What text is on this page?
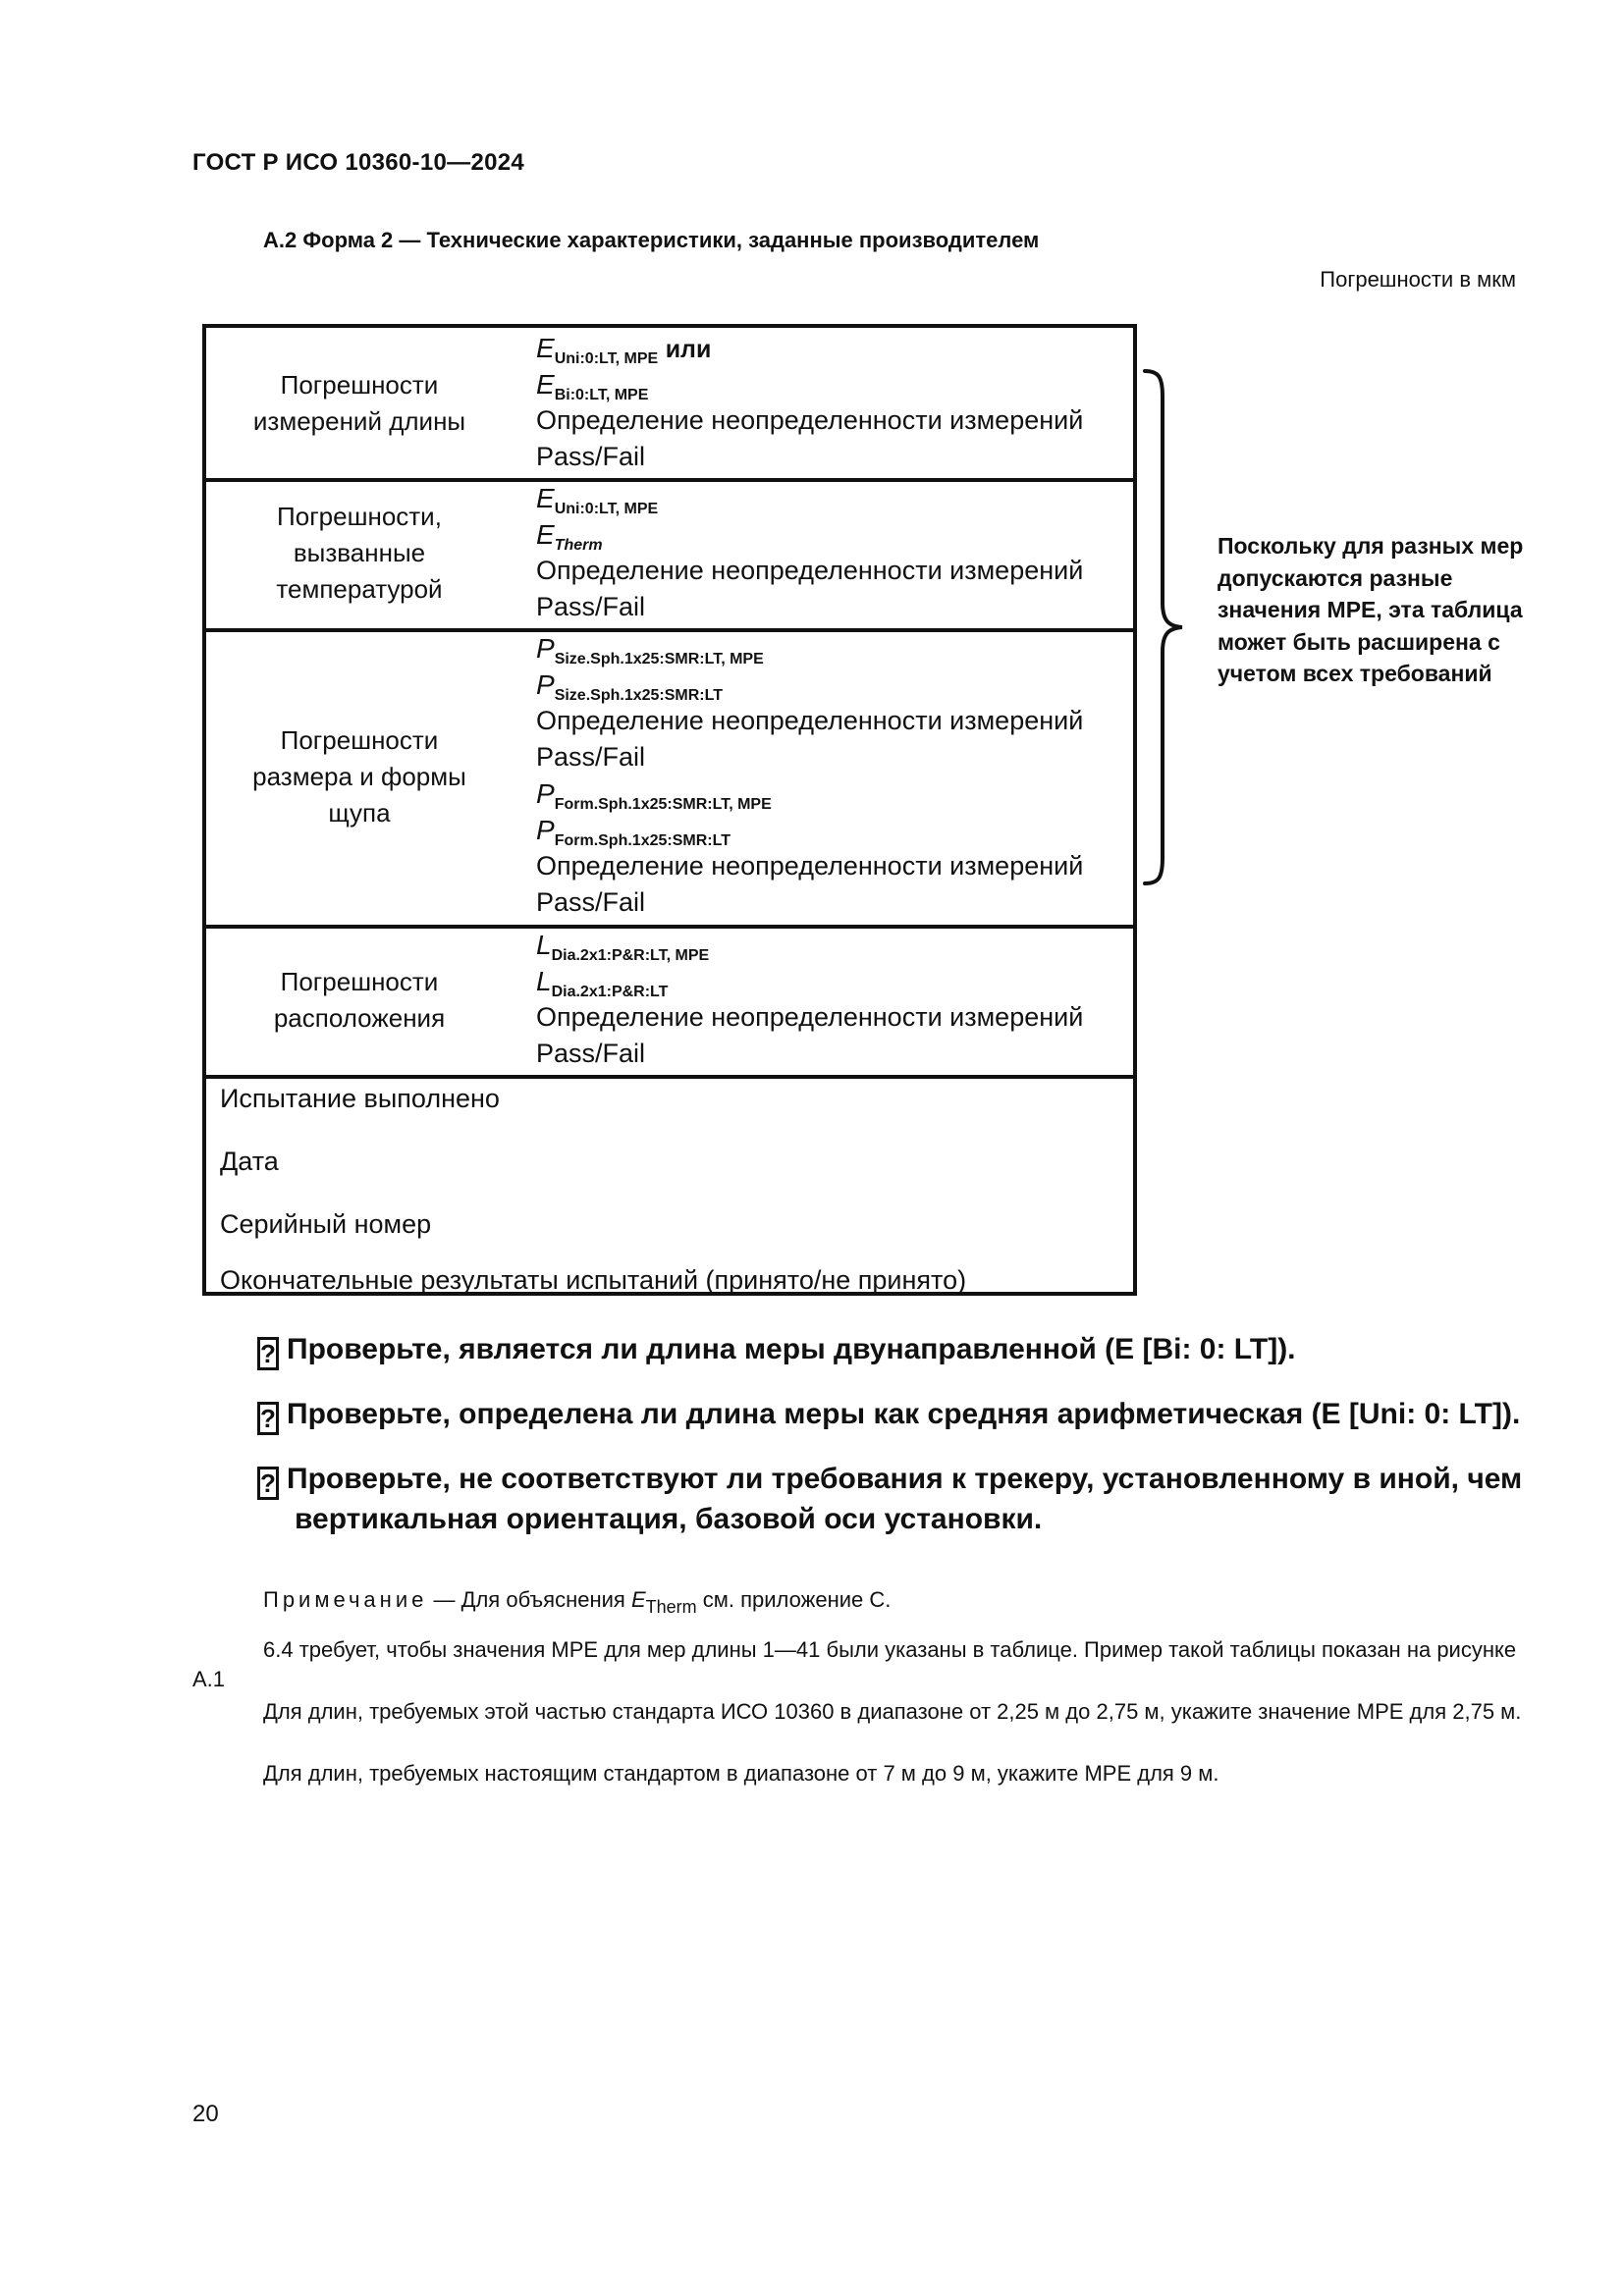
ГОСТ Р ИСО 10360-10—2024
А.2 Форма 2 — Технические характеристики, заданные производителем
Погрешности в мкм
Погрешности
измерений длины
$E_{Uni:0:LT, MPE}$ или
$E_{Bi:0:LT, MPE}$
Определение неопределенности измерений
Pass/Fail
Погрешности,
вызванные
температурой
$E_{Uni:0:LT, MPE}$
$E_{Therm}$
Определение неопределенности измерений
Pass/Fail
Погрешности
размера и формы
щупа
$P_{Size.Sph.1x25:SMR:LT, MPE}$
$P_{Size.Sph.1x25:SMR:LT}$
Определение неопределенности измерений
Pass/Fail
$P_{Form.Sph.1x25:SMR:LT, MPE}$
$P_{Form.Sph.1x25:SMR:LT}$
Определение неопределенности измерений
Pass/Fail
Погрешности
расположения
$L_{Dia.2x1:P\&R:LT, MPE}$
$L_{Dia.2x1:P\&R:LT}$
Определение неопределенности измерений
Pass/Fail
Испытание выполнено
Дата
Серийный номер
Окончательные результаты испытаний (принято/не принято)
Поскольку для разных мер допускаются разные значения МРЕ, эта таблица может быть расширена с учетом всех требований
? Проверьте, является ли длина меры двунаправленной (E [Bi: 0: LT]).
? Проверьте, определена ли длина меры как средняя арифметическая (E [Uni: 0: LT]).
? Проверьте, не соответствуют ли требования к трекеру, установленному в иной, чем
вертикальная ориентация, базовой оси установки.
Примечание — Для объяснения $E_{Therm}$ см. приложение С.
6.4 требует, чтобы значения МРЕ для мер длины 1—41 были указаны в таблице. Пример такой таблицы показан на рисунке А.1
Для длин, требуемых этой частью стандарта ИСО 10360 в диапазоне от 2,25 м до 2,75 м, укажите значение МРЕ для 2,75 м.
Для длин, требуемых настоящим стандартом в диапазоне от 7 м до 9 м, укажите МРЕ для 9 м.
20
